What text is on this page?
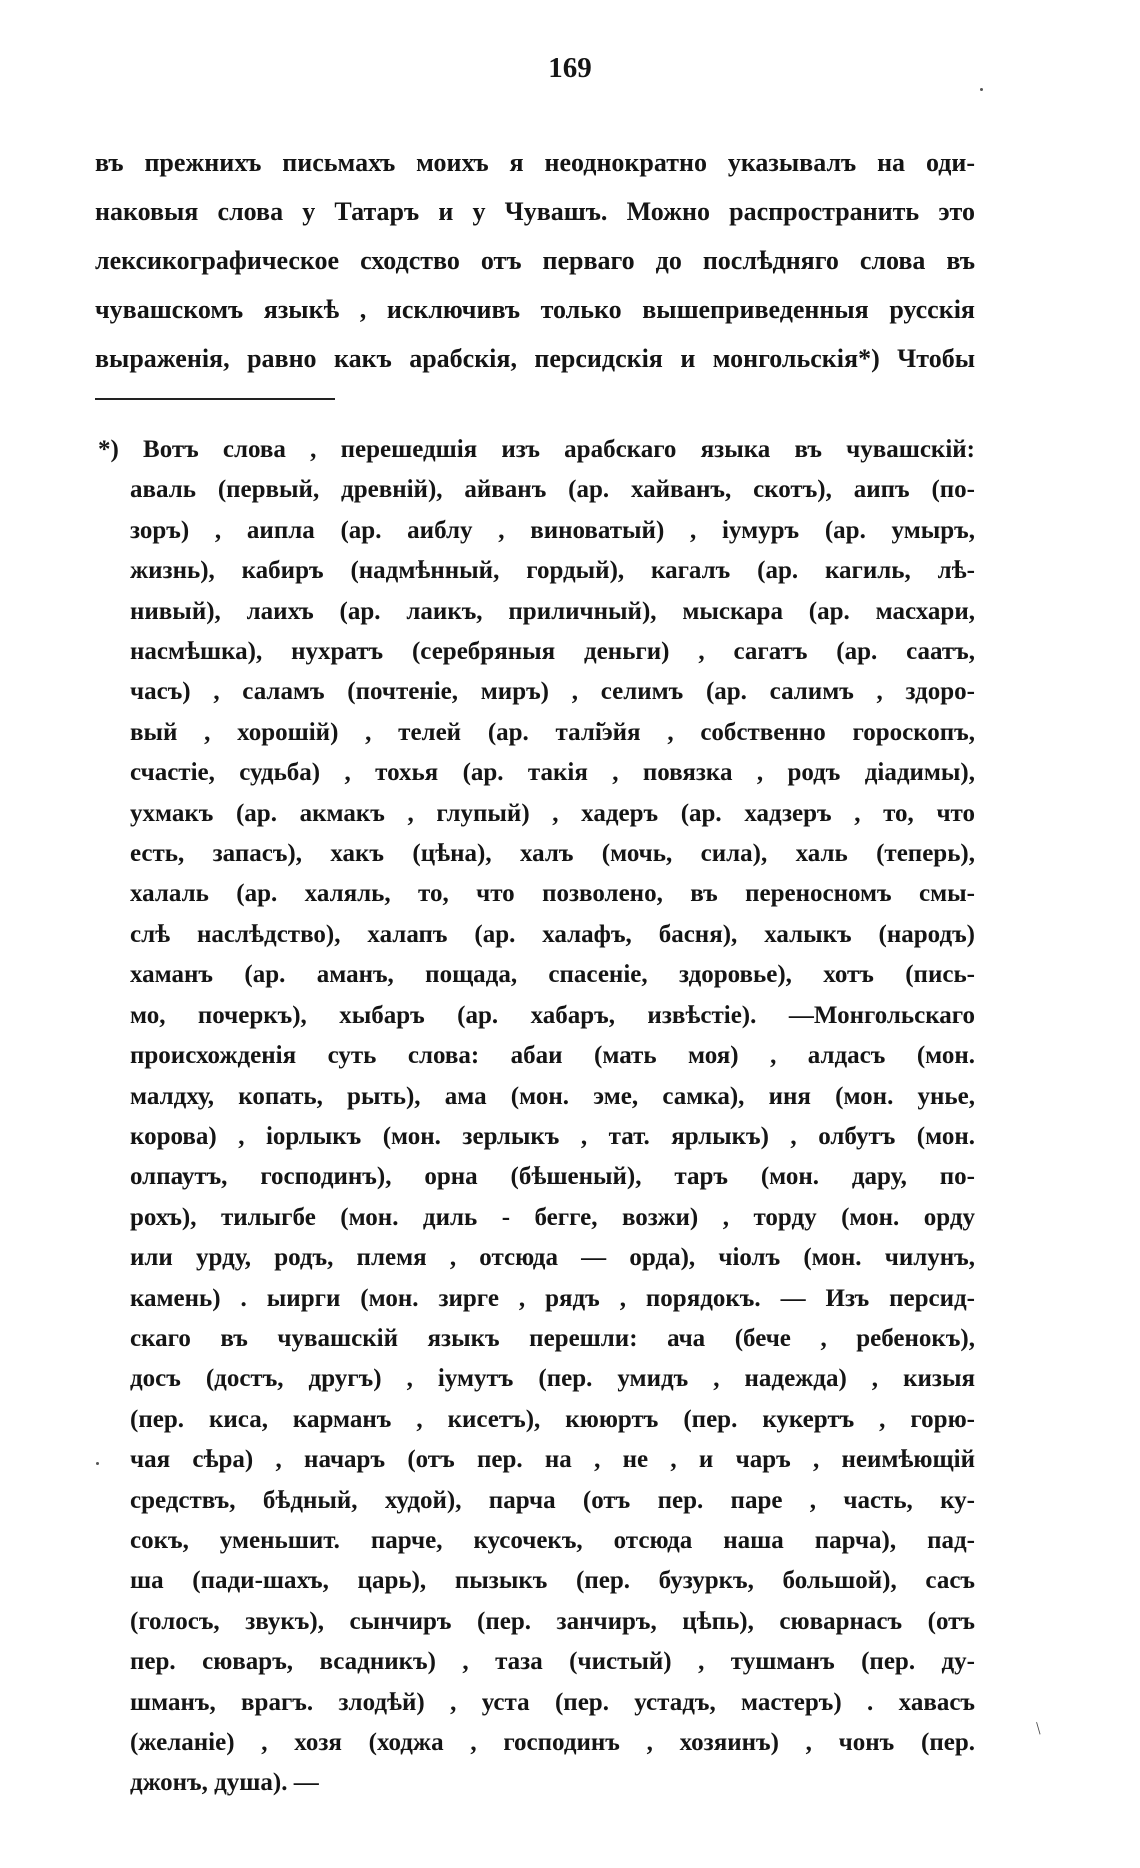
169
въ прежнихъ письмахъ моихъ я неоднократно указывалъ на оди-
наковыя слова у Татаръ и у Чувашъ. Можно распространить это
лексикографическое сходство отъ перваго до послѣдняго слова въ
чувашскомъ языкѣ , исключивъ только вышеприведенныя русскія
выраженія, равно какъ арабскія, персидскія и монгольскія*) Чтобы
*) Вотъ слова , перешедшія изъ арабскаго языка въ чувашскій:
аваль (первый, древній), айванъ (ар. хайванъ, скотъ), аипъ (по-
зоръ) , аипла (ар. аиблу , виноватый) , іумуръ (ар. умыръ,
жизнь), кабиръ (надмѣнный, гордый), кагалъ (ар. кагиль, лѣ-
нивый), лаихъ (ар. лаикъ, приличный), мыскара (ар. масхари,
насмѣшка), нухратъ (серебряныя деньги) , сагатъ (ар. саатъ,
часъ) , саламъ (почтеніе, миръ) , селимъ (ар. салимъ , здоро-
вый , хорошій) , телей (ар. талі̆эйя , собственно гороскопъ,
счастіе, судьба) , тохья (ар. такія , повязка , родъ діадимы),
ухмакъ (ар. акмакъ , глупый) , хадеръ (ар. хадзеръ , то, что
есть, запасъ), хакъ (цѣна), халъ (мочь, сила), халь (теперь),
халаль (ар. халяль, то, что позволено, въ переносномъ смы-
слѣ наслѣдство), халапъ (ар. халафъ, басня), халыкъ (народъ)
хаманъ (ар. аманъ, пощада, спасеніе, здоровье), хотъ (пись-
мо, почеркъ), хыбаръ (ар. хабаръ, извѣстіе). —Монгольскаго
происхожденія суть слова: абаи (мать моя) , алдасъ (мон.
малдху, копать, рыть), ама (мон. эме, самка), иня (мон. унье,
корова) , іорлыкъ (мон. зерлыкъ , тат. ярлыкъ) , олбутъ (мон.
олпаутъ, господинъ), орна (бѣшеный), таръ (мон. дару, по-
рохъ), тилыгбе (мон. диль - бегге, возжи) , торду (мон. орду
или урду, родъ, племя , отсюда — орда), чіолъ (мон. чилунъ,
камень) . ыирги (мон. зирге , рядъ , порядокъ. — Изъ персид-
скаго въ чувашскій языкъ перешли: ача (бече , ребенокъ),
досъ (достъ, другъ) , іумутъ (пер. умидъ , надежда) , кизыя
(пер. киса, карманъ , кисетъ), кююртъ (пер. кукертъ , горю-
чая сѣра) , начаръ (отъ пер. на , не , и чаръ , неимѣющій
средствъ, бѣдный, худой), парча (отъ пер. паре , часть, ку-
сокъ, уменьшит. парче, кусочекъ, отсюда наша парча), пад-
ша (пади-шахъ, царь), пызыкъ (пер. бузуркъ, большой), сасъ
(голосъ, звукъ), сынчиръ (пер. занчиръ, цѣпь), сюварнасъ (отъ
пер. сюваръ, всадникъ) , таза (чистый) , тушманъ (пер. ду-
шманъ, врагъ. злодѣй) , уста (пер. устадъ, мастеръ) . хавасъ
(желаніе) , хозя (ходжа , господинъ , хозяинъ) , чонъ (пер.
джонъ, душа). —
/
